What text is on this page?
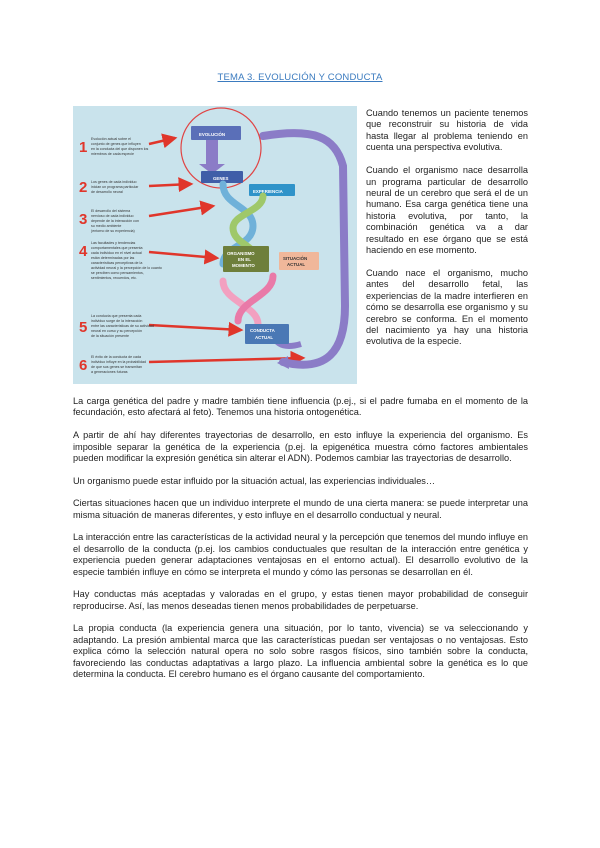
TEMA 3. EVOLUCIÓN Y CONDUCTA
EVOLUCIÓN
GENES
EXPERIENCIA
ORGANISMO
EN EL
MOMENTO
SITUACIÓN
ACTUAL
CONDUCTA
ACTUAL
1 Evolución actual sobre el
conjunto de genes que influyen
en la conducta del que disponen los
miembros de cada especie
2 Los genes de cada individuo
inician un programa particular
de desarrollo neural
3 El desarrollo del sistema
nervioso de cada individuo
depende de la interacción con
su medio ambiente
(entorno de su experiencia)
4 Las facultades y tendencias
comportamentales que presenta
cada individuo en el nivel actual
están determinadas por las
características perceptivas de la
actividad neural y la percepción de lo cuanto
se perciben como pensamientos,
sentimientos, recuerdos, etc.
5
La conducta que presenta cada
individuo surge de la interacción
entre las características de su actividad
neural en curso y su percepción
de la situación presente
6 El éxito de la conducta de cada
individuo influye en la probabilidad
de que sus genes se transmitan
a generaciones futuras

Cuando tenemos un paciente tenemos que reconstruir su historia de vida hasta llegar al problema teniendo en cuenta una perspectiva evolutiva.

Cuando el organismo nace desarrolla un programa particular de desarrollo neural de un cerebro que será el de un humano. Esa carga genética tiene una historia evolutiva, por tanto, la combinación genética va a dar resultado en ese órgano que se está haciendo en ese momento.

Cuando nace el organismo, mucho antes del desarrollo fetal, las experiencias de la madre interfieren en cómo se desarrolla ese organismo y su cerebro se conforma. En el momento del nacimiento ya hay una historia evolutiva de la especie.

La carga genética del padre y madre también tiene influencia (p.ej., si el padre fumaba en el momento de la fecundación, esto afectará al feto). Tenemos una historia ontogenética.

A partir de ahí hay diferentes trayectorias de desarrollo, en esto influye la experiencia del organismo. Es imposible separar la genética de la experiencia (p.ej. la epigenética muestra cómo factores ambientales pueden modificar la expresión genética sin alterar el ADN). Podemos cambiar las trayectorias de desarrollo.

Un organismo puede estar influido por la situación actual, las experiencias individuales…

Ciertas situaciones hacen que un individuo interprete el mundo de una cierta manera: se puede interpretar una misma situación de maneras diferentes, y esto influye en el desarrollo conductual y neural.

La interacción entre las características de la actividad neural y la percepción que tenemos del mundo influye en el desarrollo de la conducta (p.ej. los cambios conductuales que resultan de la interacción entre genética y experiencia pueden generar adaptaciones ventajosas en el entorno actual). El desarrollo evolutivo de la especie también influye en cómo se interpreta el mundo y cómo las personas se desarrollan en él.

Hay conductas más aceptadas y valoradas en el grupo, y estas tienen mayor probabilidad de conseguir reproducirse. Así, las menos deseadas tienen menos probabilidades de perpetuarse.

La propia conducta (la experiencia genera una situación, por lo tanto, vivencia) se va seleccionando y adaptando. La presión ambiental marca que las características puedan ser ventajosas o no ventajosas. Esto explica cómo la selección natural opera no solo sobre rasgos físicos, sino también sobre la conducta, favoreciendo las conductas adaptativas a largo plazo. La influencia ambiental sobre la genética es lo que determina la conducta. El cerebro humano es el órgano causante del comportamiento.
